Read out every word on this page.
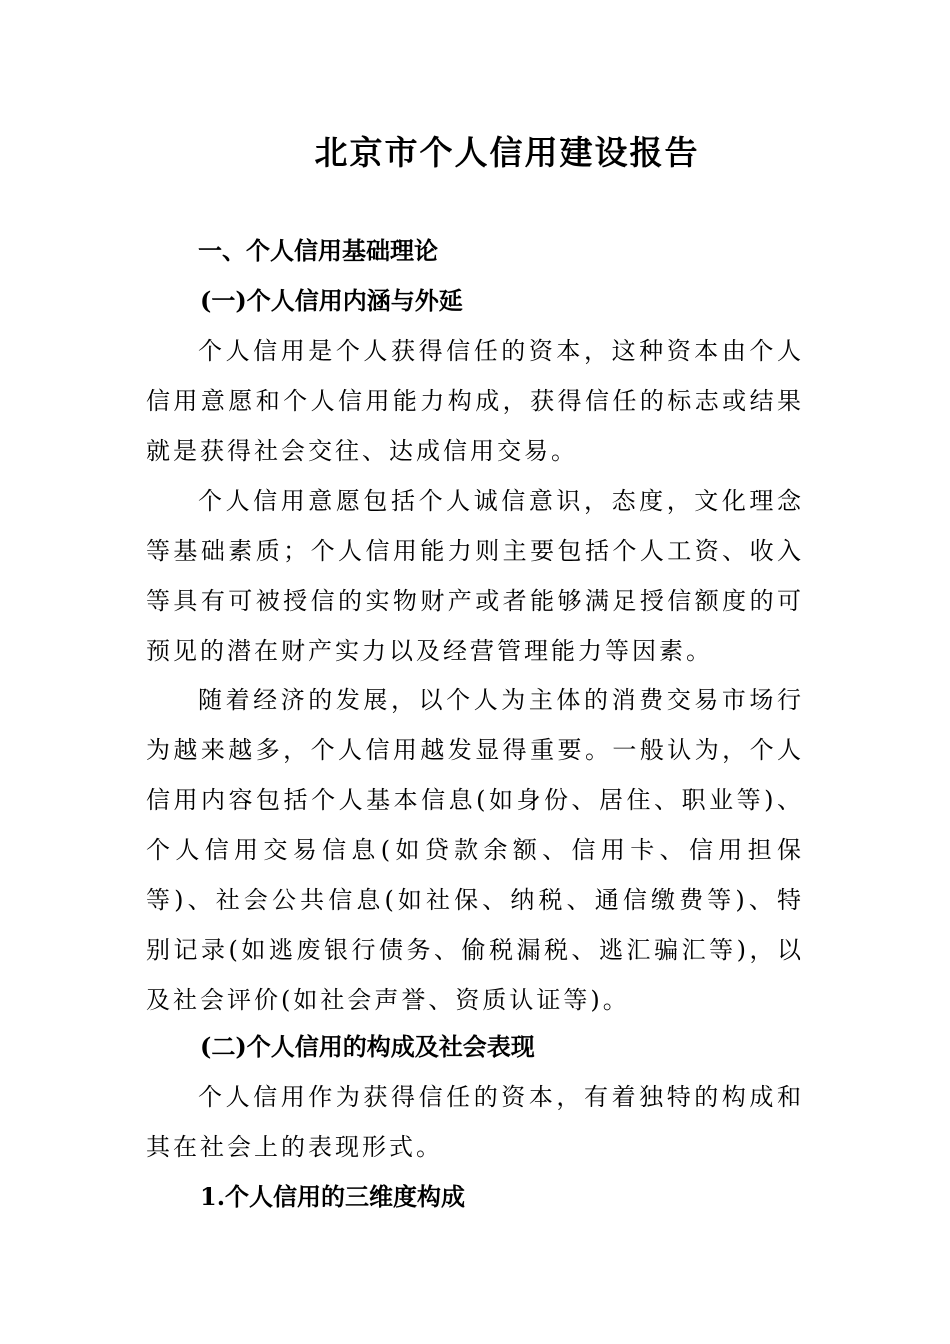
北京市个人信用建设报告
一、个人信用基础理论
(一)个人信用内涵与外延

个人信用是个人获得信任的资本，这种资本由个人信用意愿和个人信用能力构成，获得信任的标志或结果就是获得社会交往、达成信用交易。

个人信用意愿包括个人诚信意识，态度，文化理念等基础素质；个人信用能力则主要包括个人工资、收入等具有可被授信的实物财产或者能够满足授信额度的可预见的潜在财产实力以及经营管理能力等因素。

随着经济的发展，以个人为主体的消费交易市场行为越来越多，个人信用越发显得重要。一般认为，个人信用内容包括个人基本信息(如身份、居住、职业等)、个人信用交易信息(如贷款余额、信用卡、信用担保等)、社会公共信息(如社保、纳税、通信缴费等)、特别记录(如逃废银行债务、偷税漏税、逃汇骗汇等)，以及社会评价(如社会声誉、资质认证等)。

(二)个人信用的构成及社会表现

个人信用作为获得信任的资本，有着独特的构成和其在社会上的表现形式。

1.个人信用的三维度构成
